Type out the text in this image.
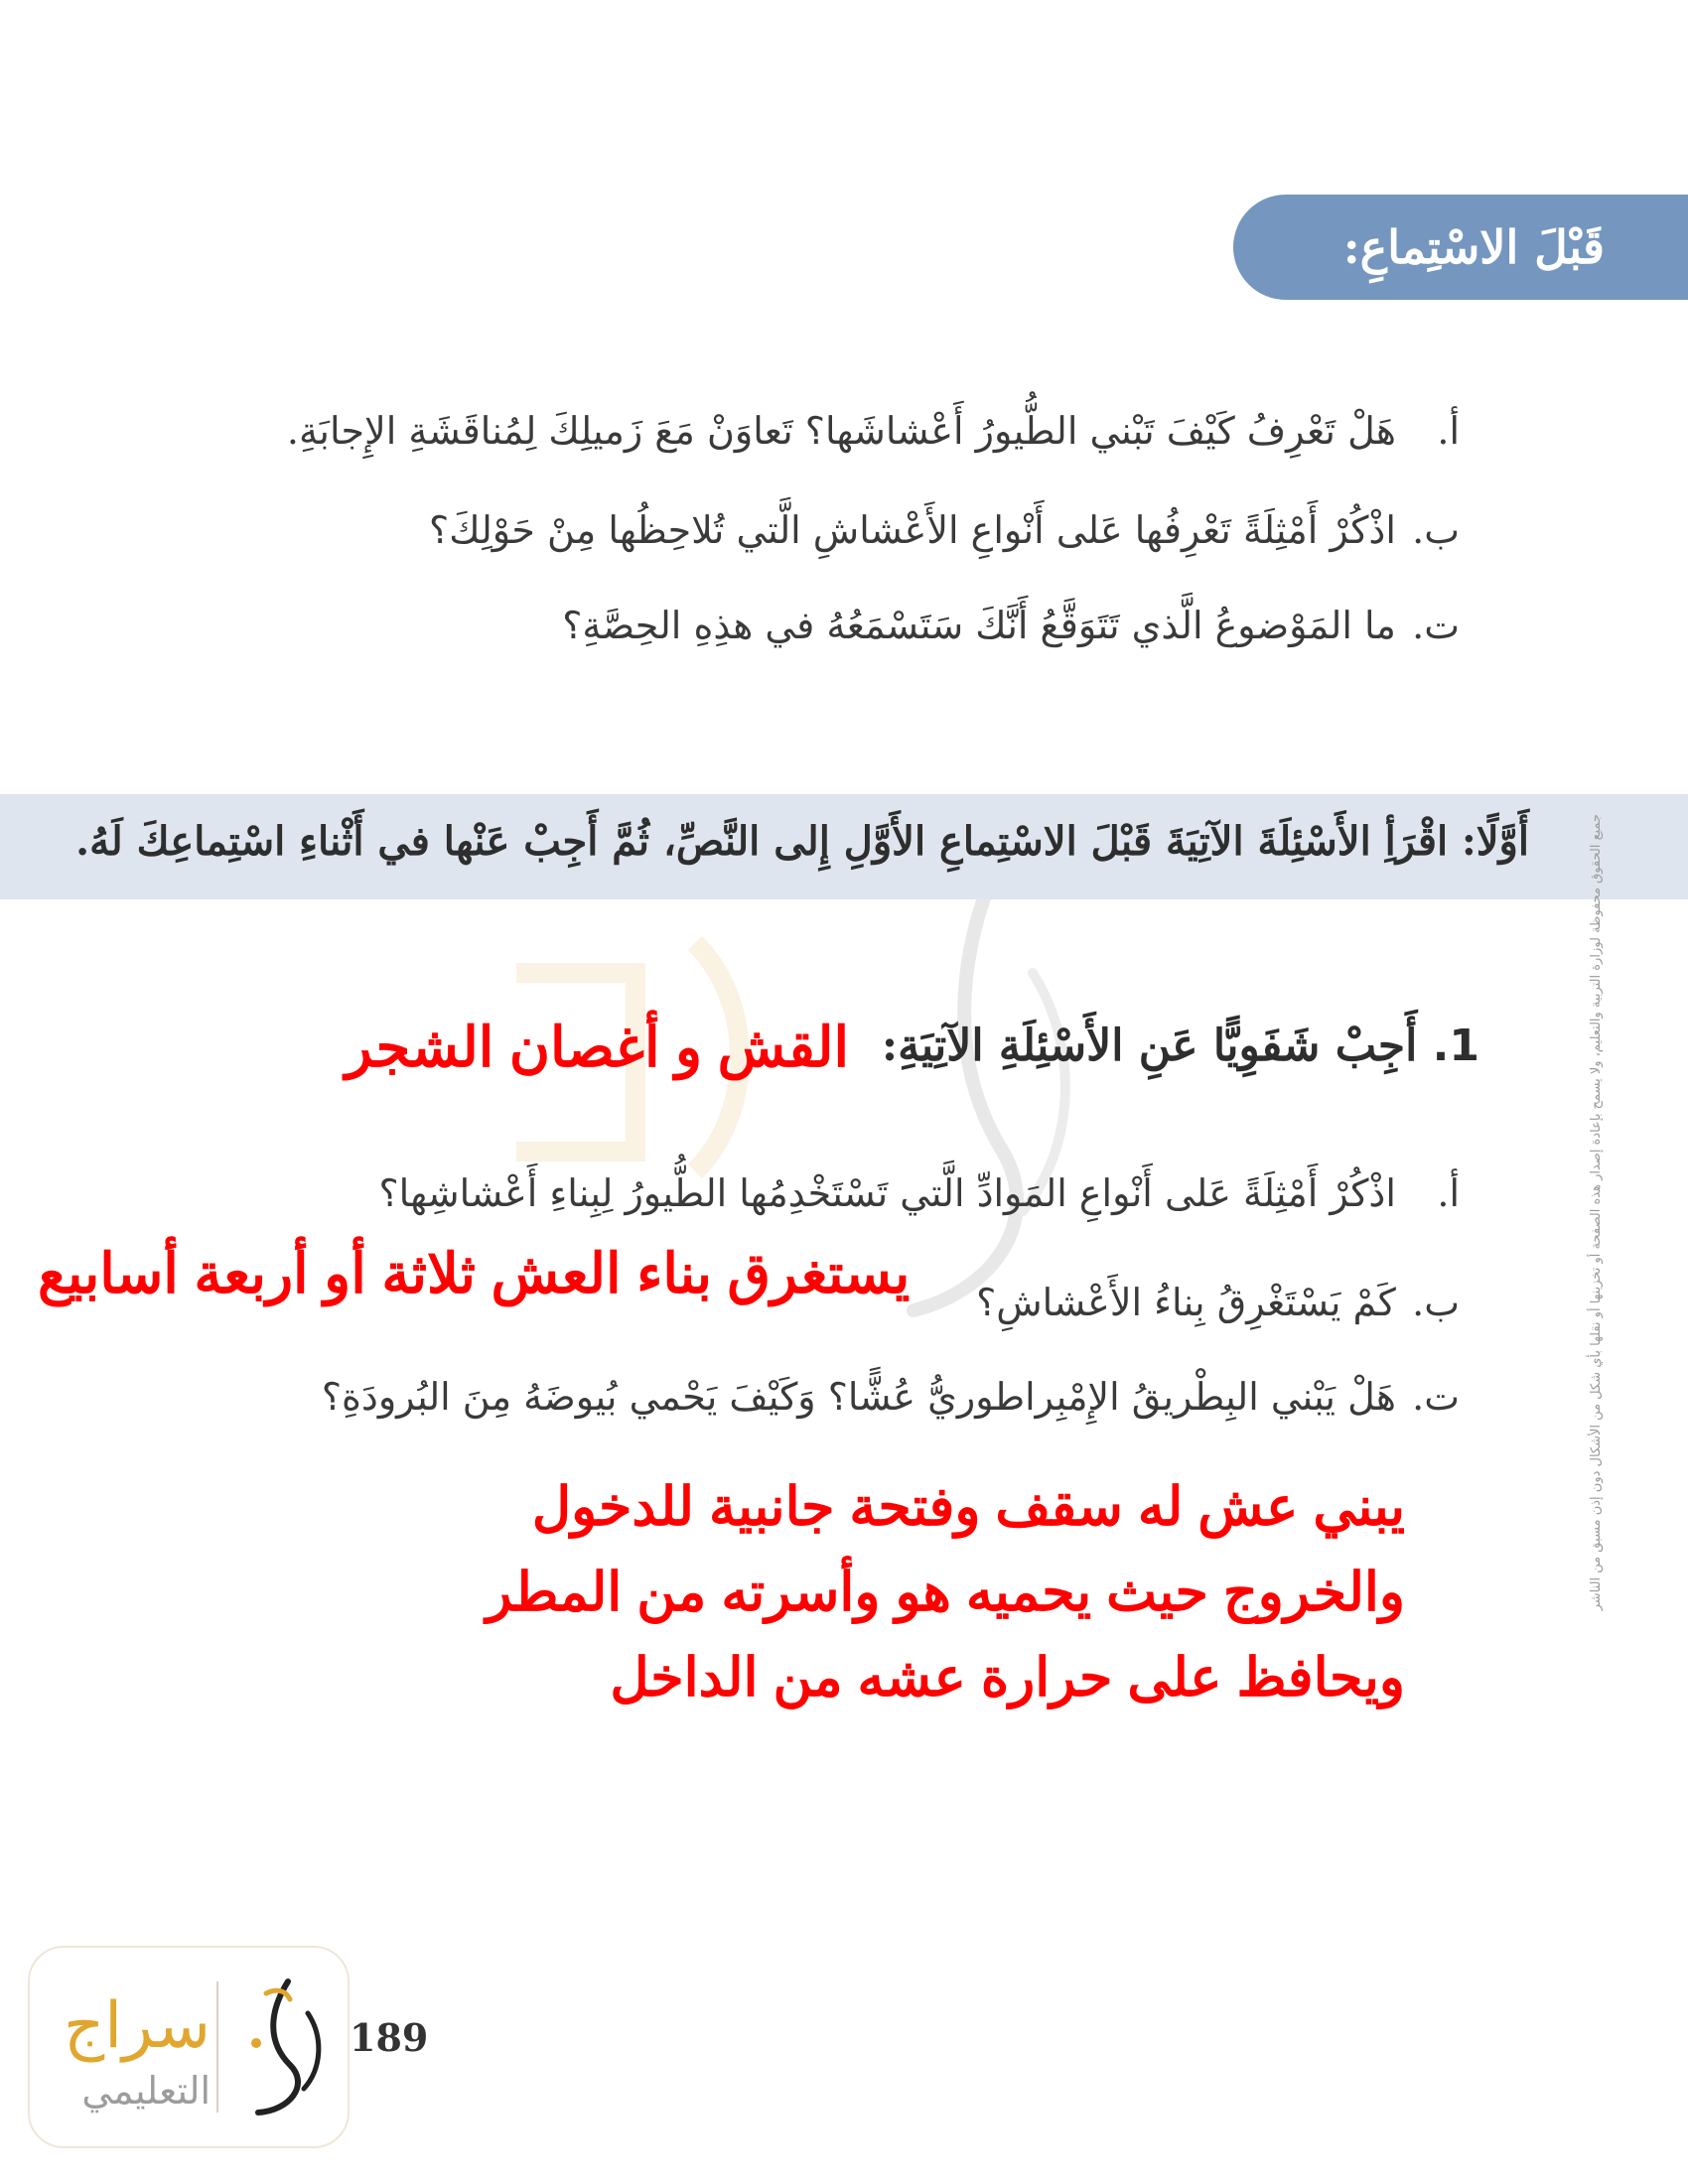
قَبْلَ الاسْتِماعِ:
أ. هَلْ تَعْرِفُ كَيْفَ تَبْني الطُّيورُ أَعْشاشَها؟ تَعاوَنْ مَعَ زَميلِكَ لِمُناقَشَةِ الإِجابَةِ.
ب. اذْكُرْ أَمْثِلَةً تَعْرِفُها عَلى أَنْواعِ الأَعْشاشِ الَّتي تُلاحِظُها مِنْ حَوْلِكَ؟
ت. ما المَوْضوعُ الَّذي تَتَوَقَّعُ أَنَّكَ سَتَسْمَعُهُ في هذِهِ الحِصَّةِ؟
أَوَّلًا: اقْرَأِ الأَسْئِلَةَ الآتِيَةَ قَبْلَ الاسْتِماعِ الأَوَّلِ إِلى النَّصِّ، ثُمَّ أَجِبْ عَنْها في أَثْناءِ اسْتِماعِكَ لَهُ.
1. أَجِبْ شَفَوِيًّا عَنِ الأَسْئِلَةِ الآتِيَةِ:
أ. اذْكُرْ أَمْثِلَةً عَلى أَنْواعِ المَوادِّ الَّتي تَسْتَخْدِمُها الطُّيورُ لِبِناءِ أَعْشاشِها؟
ب. كَمْ يَسْتَغْرِقُ بِناءُ الأَعْشاشِ؟
ت. هَلْ يَبْني البِطْريقُ الإِمْبِراطوريُّ عُشًّا؟ وَكَيْفَ يَحْمي بُيوضَهُ مِنَ البُرودَةِ؟
القش و أغصان الشجر
يستغرق بناء العش ثلاثة أو أربعة أسابيع
يبني عش له سقف وفتحة جانبية للدخول
والخروج حيث يحميه هو وأسرته من المطر
ويحافظ على حرارة عشه من الداخل
جميع الحقوق محفوظة لوزارة التربية والتعليم، ولا يسمح بإعادة إصدار هذه الصفحة أو تخزينها أو نقلها بأي شكل من الأشكال دون إذن مسبق من الناشر
سراج
التعليمي
189
